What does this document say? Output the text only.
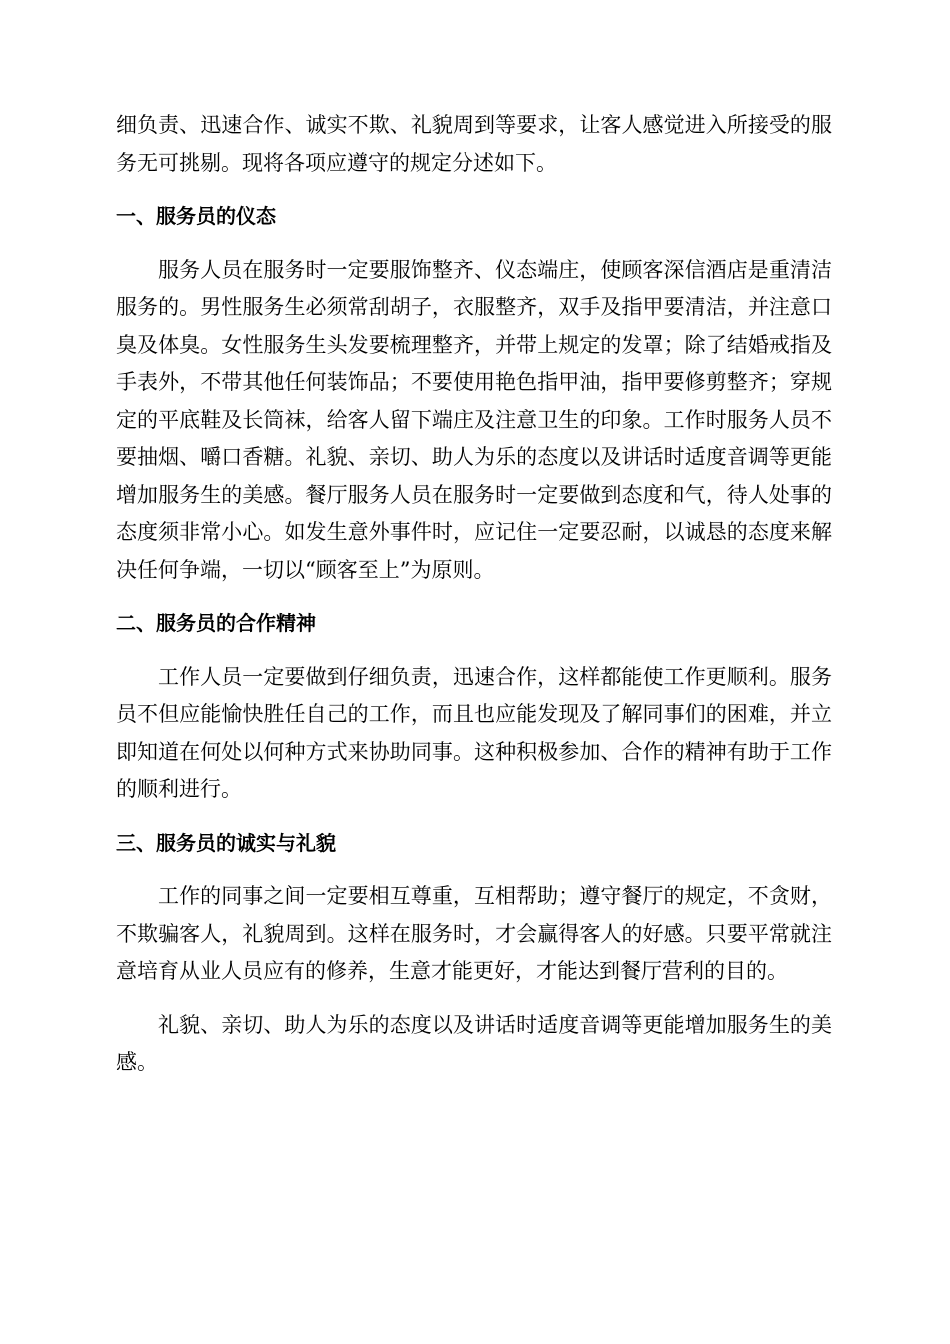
细负责、迅速合作、诚实不欺、礼貌周到等要求，让客人感觉进入所接受的服务无可挑剔。现将各项应遵守的规定分述如下。

一、服务员的仪态

服务人员在服务时一定要服饰整齐、仪态端庄，使顾客深信酒店是重清洁服务的。男性服务生必须常刮胡子，衣服整齐，双手及指甲要清洁，并注意口臭及体臭。女性服务生头发要梳理整齐，并带上规定的发罩；除了结婚戒指及手表外，不带其他任何装饰品；不要使用艳色指甲油，指甲要修剪整齐；穿规定的平底鞋及长筒袜，给客人留下端庄及注意卫生的印象。工作时服务人员不要抽烟、嚼口香糖。礼貌、亲切、助人为乐的态度以及讲话时适度音调等更能增加服务生的美感。餐厅服务人员在服务时一定要做到态度和气，待人处事的态度须非常小心。如发生意外事件时，应记住一定要忍耐，以诚恳的态度来解决任何争端，一切以“顾客至上”为原则。

二、服务员的合作精神

工作人员一定要做到仔细负责，迅速合作，这样都能使工作更顺利。服务员不但应能愉快胜任自己的工作，而且也应能发现及了解同事们的困难，并立即知道在何处以何种方式来协助同事。这种积极参加、合作的精神有助于工作的顺利进行。

三、服务员的诚实与礼貌

工作的同事之间一定要相互尊重，互相帮助；遵守餐厅的规定，不贪财，不欺骗客人，礼貌周到。这样在服务时，才会赢得客人的好感。只要平常就注意培育从业人员应有的修养，生意才能更好，才能达到餐厅营利的目的。

礼貌、亲切、助人为乐的态度以及讲话时适度音调等更能增加服务生的美感。
